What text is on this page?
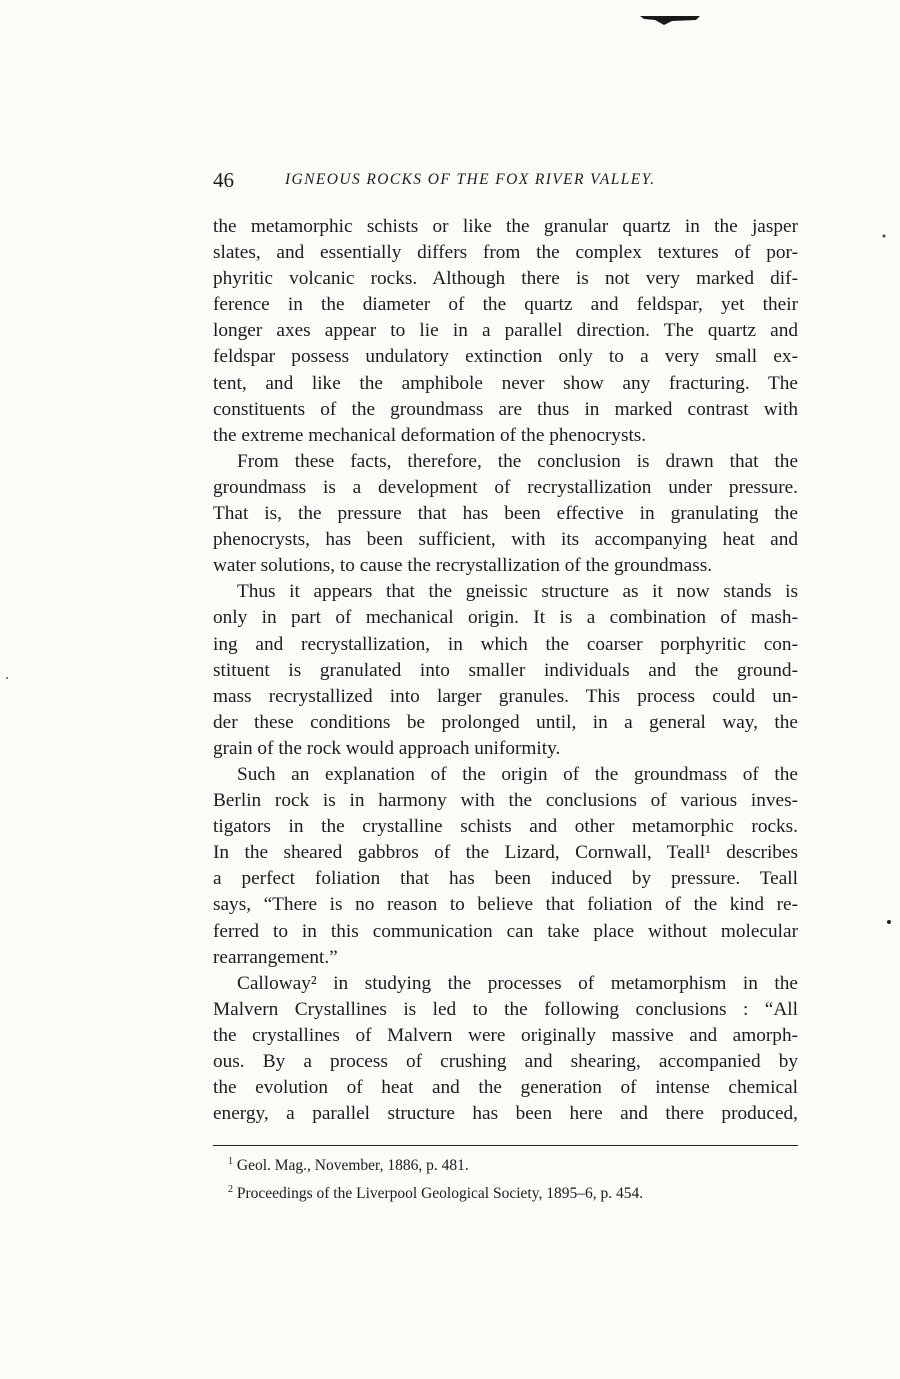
46	IGNEOUS ROCKS OF THE FOX RIVER VALLEY.
the metamorphic schists or like the granular quartz in the jasper
slates, and essentially differs from the complex textures of por-
phyritic volcanic rocks. Although there is not very marked dif-
ference in the diameter of the quartz and feldspar, yet their
longer axes appear to lie in a parallel direction. The quartz and
feldspar possess undulatory extinction only to a very small ex-
tent, and like the amphibole never show any fracturing. The
constituents of the groundmass are thus in marked contrast with
the extreme mechanical deformation of the phenocrysts.
From these facts, therefore, the conclusion is drawn that the
groundmass is a development of recrystallization under pressure.
That is, the pressure that has been effective in granulating the
phenocrysts, has been sufficient, with its accompanying heat and
water solutions, to cause the recrystallization of the groundmass.
Thus it appears that the gneissic structure as it now stands is
only in part of mechanical origin. It is a combination of mash-
ing and recrystallization, in which the coarser porphyritic con-
stituent is granulated into smaller individuals and the ground-
mass recrystallized into larger granules. This process could un-
der these conditions be prolonged until, in a general way, the
grain of the rock would approach uniformity.
Such an explanation of the origin of the groundmass of the
Berlin rock is in harmony with the conclusions of various inves-
tigators in the crystalline schists and other metamorphic rocks.
In the sheared gabbros of the Lizard, Cornwall, Teall¹ describes
a perfect foliation that has been induced by pressure. Teall
says, “There is no reason to believe that foliation of the kind re-
ferred to in this communication can take place without molecular
rearrangement.”
Calloway² in studying the processes of metamorphism in the
Malvern Crystallines is led to the following conclusions : “All
the crystallines of Malvern were originally massive and amorph-
ous. By a process of crushing and shearing, accompanied by
the evolution of heat and the generation of intense chemical
energy, a parallel structure has been here and there produced,
$^1$ Geol. Mag., November, 1886, p. 481.
$^2$ Proceedings of the Liverpool Geological Society, 1895–6, p. 454.
